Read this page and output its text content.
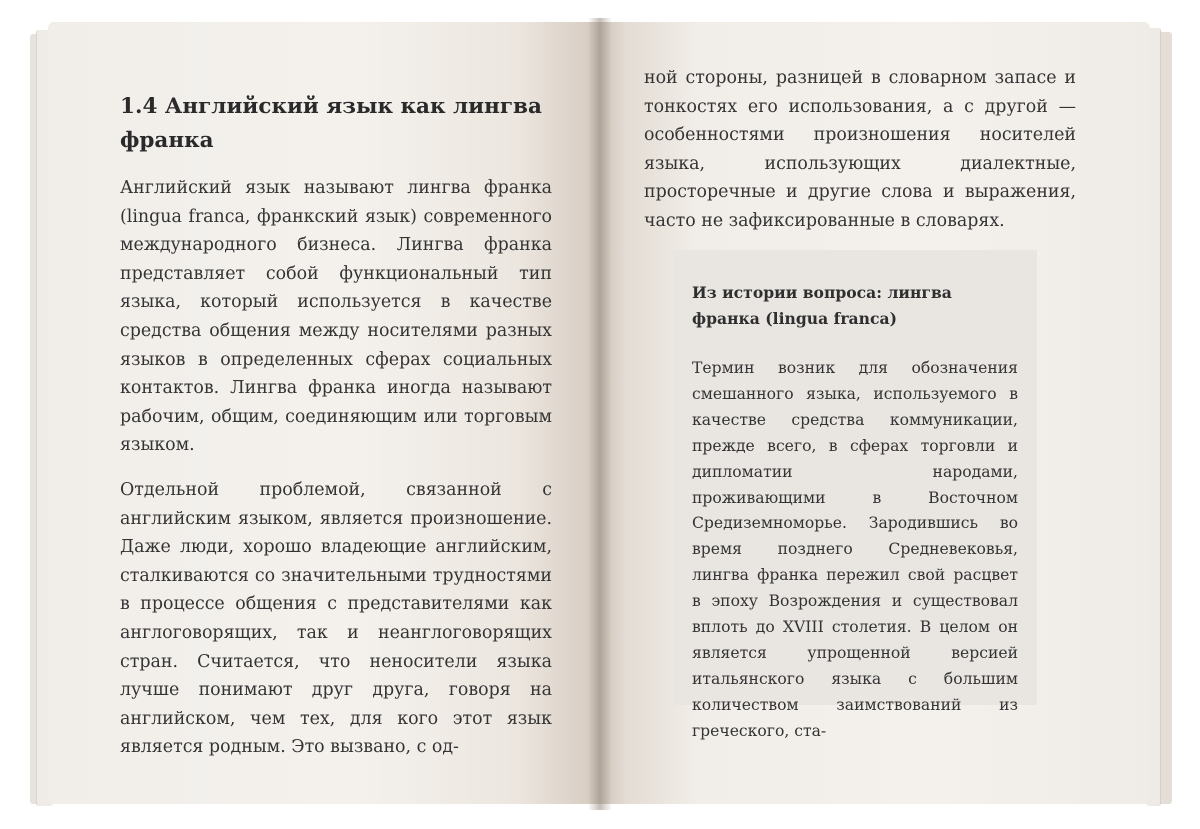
1.4 Английский язык как лингва франка

Английский язык называют лингва франка (lingua franca, франкский язык) современного международного бизнеса. Лингва франка представляет собой функциональный тип языка, который используется в качестве средства общения между носителями разных языков в определенных сферах социальных контактов. Лингва франка иногда называют рабочим, общим, соединяющим или торговым языком.

Отдельной проблемой, связанной с английским языком, является произношение. Даже люди, хорошо владеющие английским, сталкиваются со значительными трудностями в процессе общения с представителями как англоговорящих, так и неанглоговорящих стран. Считается, что неносители языка лучше понимают друг друга, говоря на английском, чем тех, для кого этот язык является родным. Это вызвано, с од-

ной стороны, разницей в словарном запасе и тонкостях его использования, а с другой — особенностями произношения носителей языка, использующих диалектные, просторечные и другие слова и выражения, часто не зафиксированные в словарях.

Из истории вопроса: лингва франка (lingua franca)

Термин возник для обозначения смешанного языка, используемого в качестве средства коммуникации, прежде всего, в сферах торговли и дипломатии народами, проживающими в Восточном Средиземноморье. Зародившись во время позднего Средневековья, лингва франка пережил свой расцвет в эпоху Возрождения и существовал вплоть до XVIII столетия. В целом он является упрощенной версией итальянского языка с большим количеством заимствований из греческого, ста-
